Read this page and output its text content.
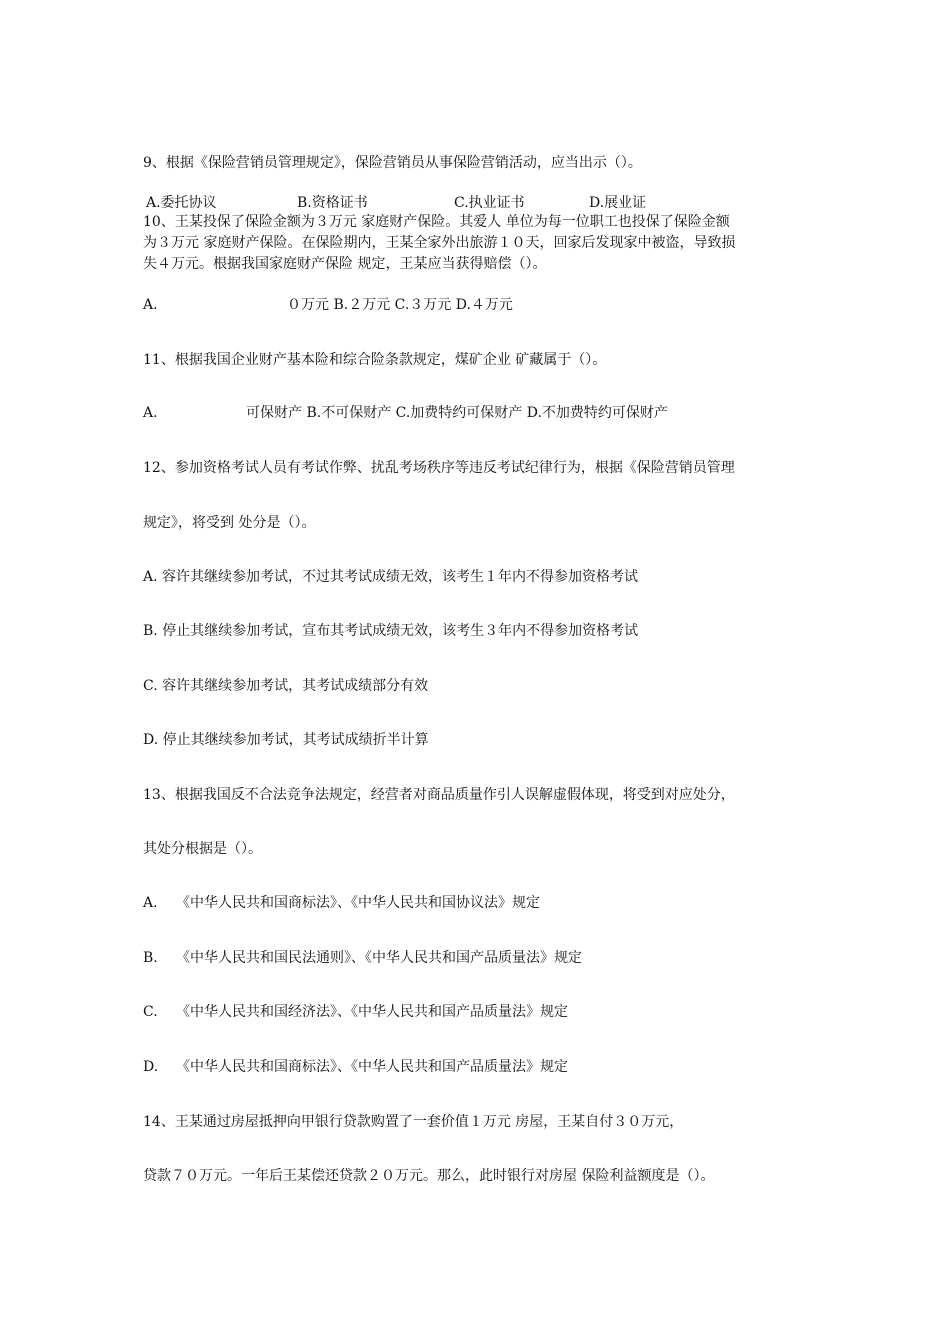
9、根据《保险营销员管理规定》，保险营销员从事保险营销活动，应当出示（）。
A.委托协议	B.资格证书	C.执业证书	D.展业证
10、王某投保了保险金额为３万元 家庭财产保险。其爱人 单位为每一位职工也投保了保险金额
为３万元 家庭财产保险。在保险期内，王某全家外出旅游１０天，回家后发现家中被盗，导致损
失４万元。根据我国家庭财产保险 规定，王某应当获得赔偿（）。
A.	０万元 B.２万元 C.３万元 D.４万元
11、根据我国企业财产基本险和综合险条款规定，煤矿企业 矿藏属于（）。
A.	可保财产 B.不可保财产 C.加费特约可保财产 D.不加费特约可保财产
12、参加资格考试人员有考试作弊、扰乱考场秩序等违反考试纪律行为，根据《保险营销员管理
规定》，将受到 处分是（）。
A. 容许其继续参加考试，不过其考试成绩无效，该考生１年内不得参加资格考试
B. 停止其继续参加考试，宣布其考试成绩无效，该考生３年内不得参加资格考试
C. 容许其继续参加考试，其考试成绩部分有效
D. 停止其继续参加考试，其考试成绩折半计算
13、根据我国反不合法竞争法规定，经营者对商品质量作引人误解虚假体现，将受到对应处分，
其处分根据是（）。
A. 《中华人民共和国商标法》、《中华人民共和国协议法》规定
B. 《中华人民共和国民法通则》、《中华人民共和国产品质量法》规定
C. 《中华人民共和国经济法》、《中华人民共和国产品质量法》规定
D. 《中华人民共和国商标法》、《中华人民共和国产品质量法》规定
14、王某通过房屋抵押向甲银行贷款购置了一套价值１万元 房屋，王某自付３０万元，
贷款７０万元。一年后王某偿还贷款２０万元。那么，此时银行对房屋 保险利益额度是（）。
